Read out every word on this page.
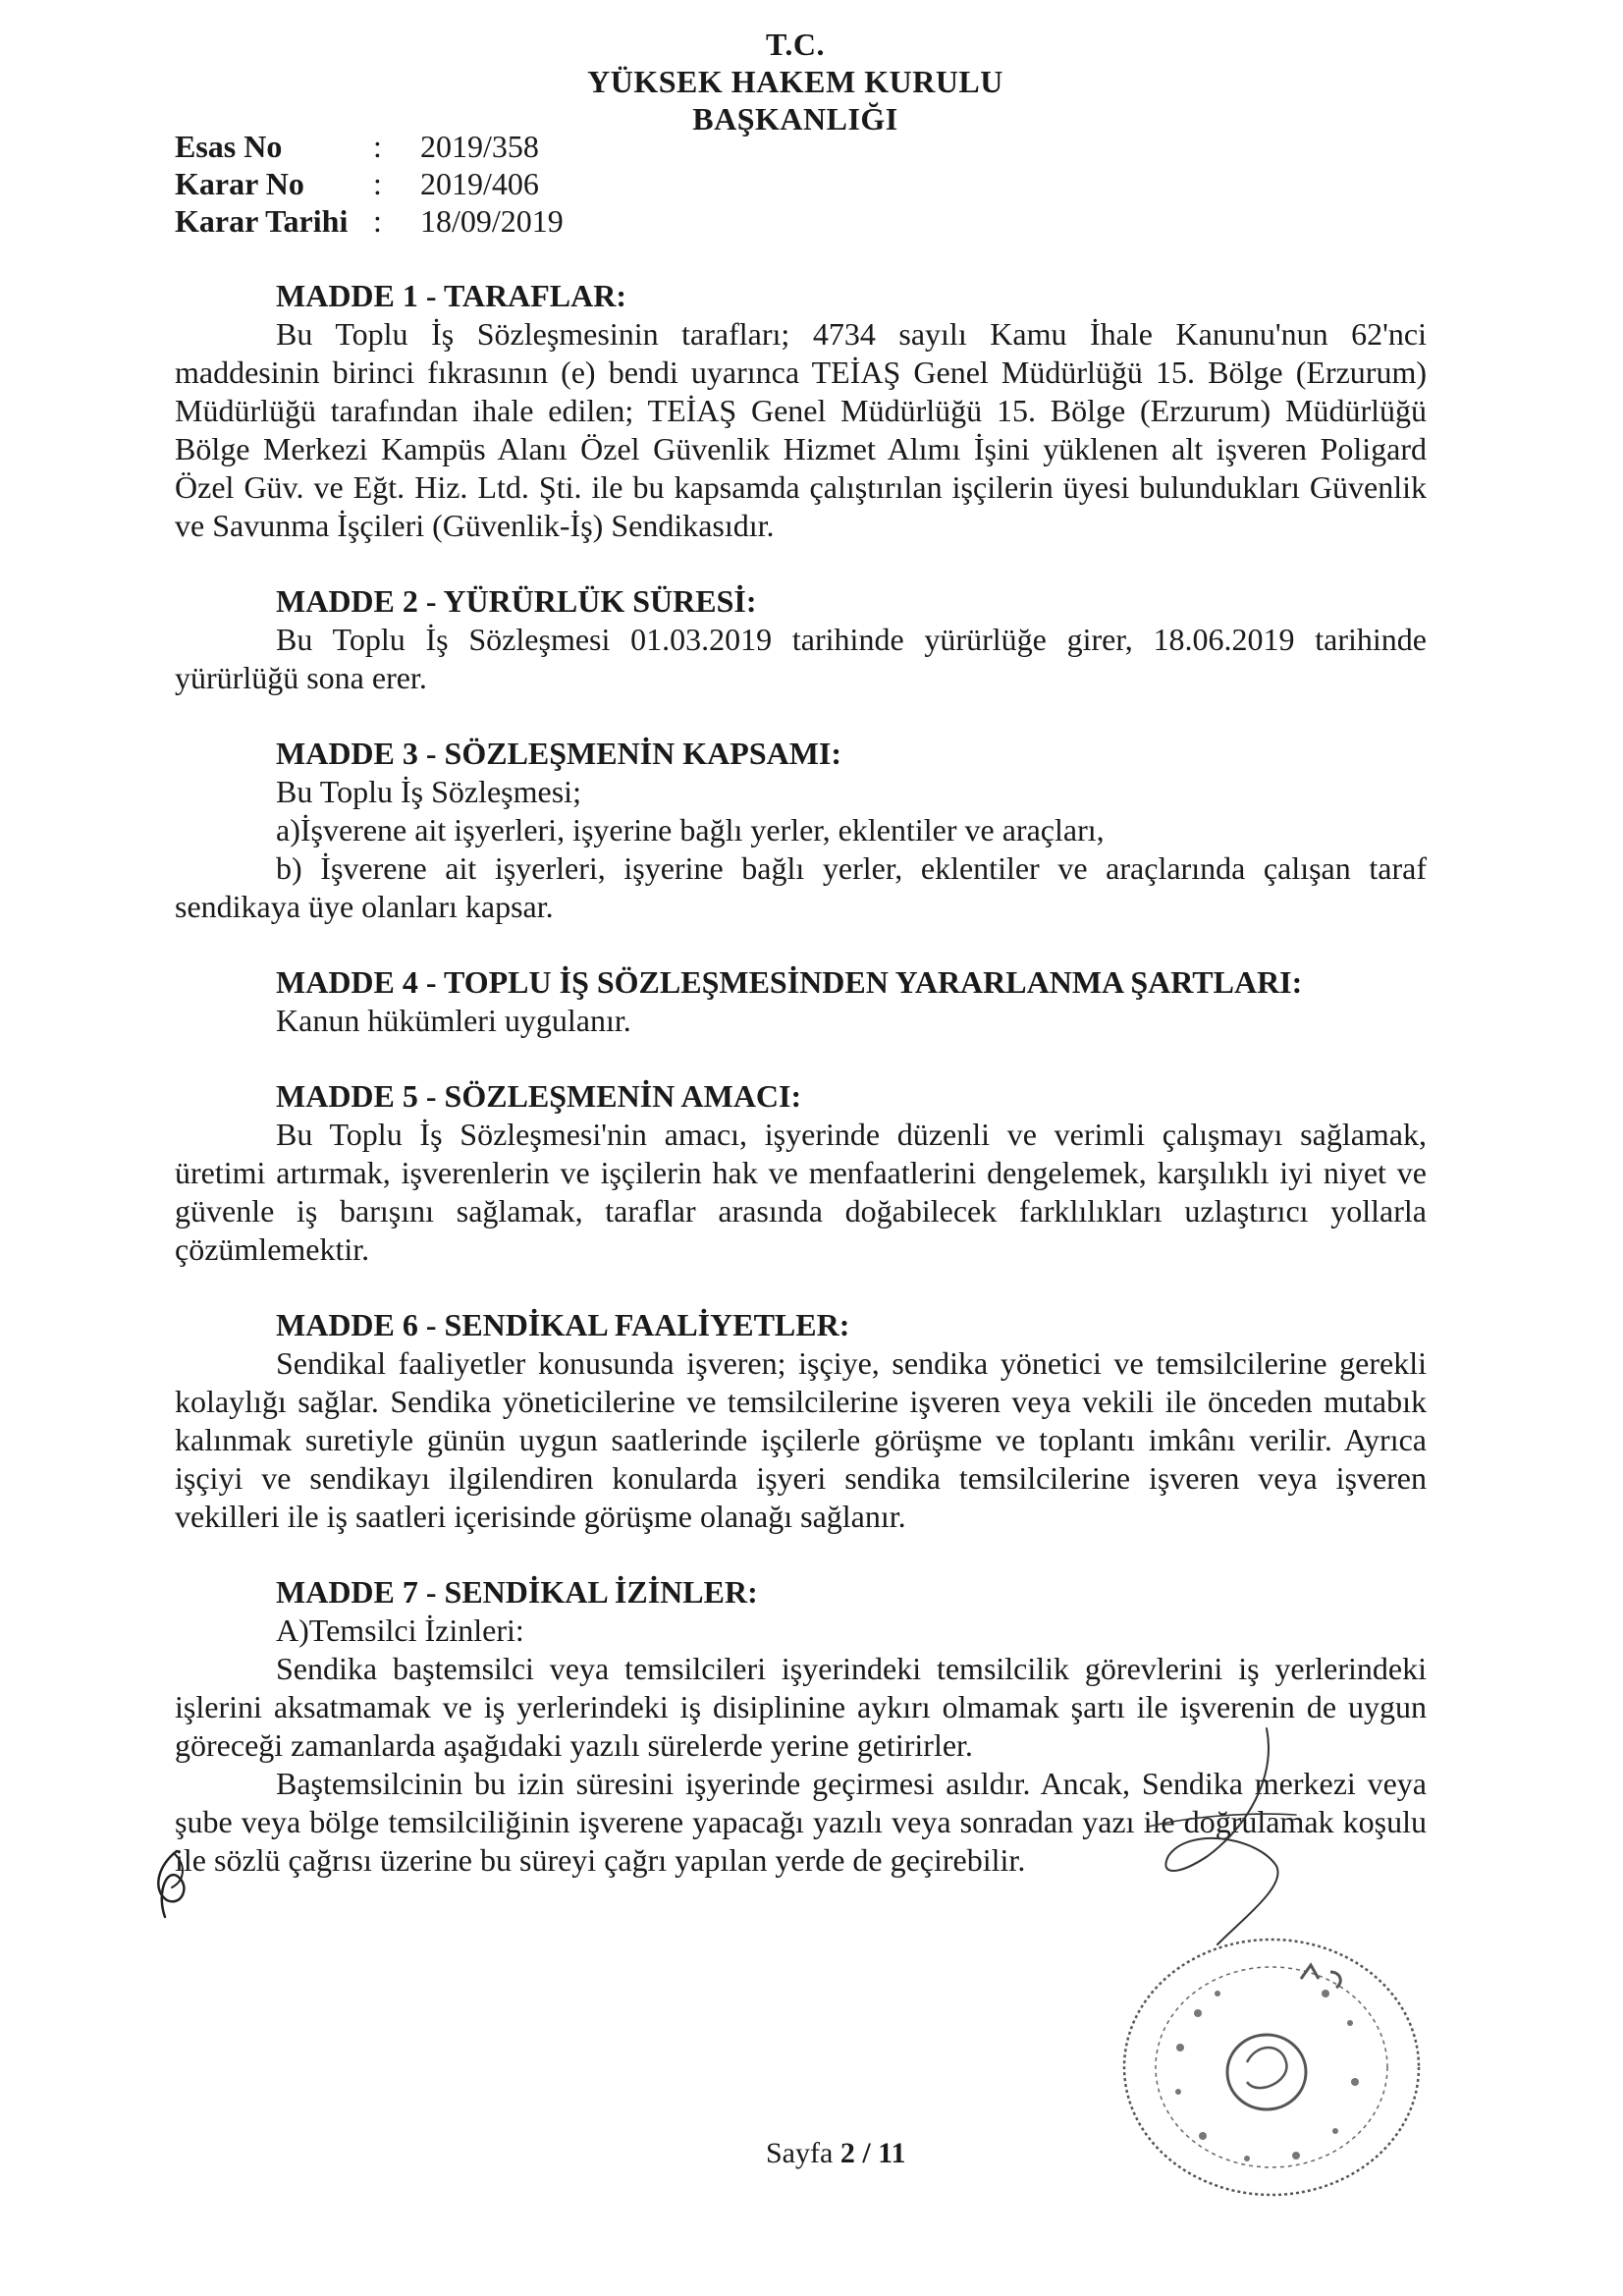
T.C.
YÜKSEK HAKEM KURULU
BAŞKANLIĞI
Esas No	:	2019/358
Karar No	:	2019/406
Karar Tarihi :	18/09/2019

MADDE 1 - TARAFLAR:

Bu Toplu İş Sözleşmesinin tarafları; 4734 sayılı Kamu İhale Kanunu'nun 62'nci maddesinin birinci fıkrasının (e) bendi uyarınca TEİAŞ Genel Müdürlüğü 15. Bölge (Erzurum) Müdürlüğü tarafından ihale edilen; TEİAŞ Genel Müdürlüğü 15. Bölge (Erzurum) Müdürlüğü Bölge Merkezi Kampüs Alanı Özel Güvenlik Hizmet Alımı İşini yüklenen alt işveren Poligard Özel Güv. ve Eğt. Hiz. Ltd. Şti. ile bu kapsamda çalıştırılan işçilerin üyesi bulundukları Güvenlik ve Savunma İşçileri (Güvenlik-İş) Sendikasıdır.

MADDE 2 - YÜRÜRLÜK SÜRESİ:

Bu Toplu İş Sözleşmesi 01.03.2019 tarihinde yürürlüğe girer, 18.06.2019 tarihinde yürürlüğü sona erer.

MADDE 3 - SÖZLEŞMENİN KAPSAMI:

Bu Toplu İş Sözleşmesi;

a)İşverene ait işyerleri, işyerine bağlı yerler, eklentiler ve araçları,

b) İşverene ait işyerleri, işyerine bağlı yerler, eklentiler ve araçlarında çalışan taraf sendikaya üye olanları kapsar.

MADDE 4 - TOPLU İŞ SÖZLEŞMESİNDEN YARARLANMA ŞARTLARI:

Kanun hükümleri uygulanır.

MADDE 5 - SÖZLEŞMENİN AMACI:

Bu Toplu İş Sözleşmesi'nin amacı, işyerinde düzenli ve verimli çalışmayı sağlamak, üretimi artırmak, işverenlerin ve işçilerin hak ve menfaatlerini dengelemek, karşılıklı iyi niyet ve güvenle iş barışını sağlamak, taraflar arasında doğabilecek farklılıkları uzlaştırıcı yollarla çözümlemektir.

MADDE 6 - SENDİKAL FAALİYETLER:

Sendikal faaliyetler konusunda işveren; işçiye, sendika yönetici ve temsilcilerine gerekli kolaylığı sağlar. Sendika yöneticilerine ve temsilcilerine işveren veya vekili ile önceden mutabık kalınmak suretiyle günün uygun saatlerinde işçilerle görüşme ve toplantı imkânı verilir. Ayrıca işçiyi ve sendikayı ilgilendiren konularda işyeri sendika temsilcilerine işveren veya işveren vekilleri ile iş saatleri içerisinde görüşme olanağı sağlanır.

MADDE 7 - SENDİKAL İZİNLER:

A)Temsilci İzinleri:

Sendika baştemsilci veya temsilcileri işyerindeki temsilcilik görevlerini iş yerlerindeki işlerini aksatmamak ve iş yerlerindeki iş disiplinine aykırı olmamak şartı ile işverenin de uygun göreceği zamanlarda aşağıdaki yazılı sürelerde yerine getirirler.

Baştemsilcinin bu izin süresini işyerinde geçirmesi asıldır. Ancak, Sendika merkezi veya şube veya bölge temsilciliğinin işverene yapacağı yazılı veya sonradan yazı ile doğrulamak koşulu ile sözlü çağrısı üzerine bu süreyi çağrı yapılan yerde de geçirebilir.

Sayfa 2 / 11
